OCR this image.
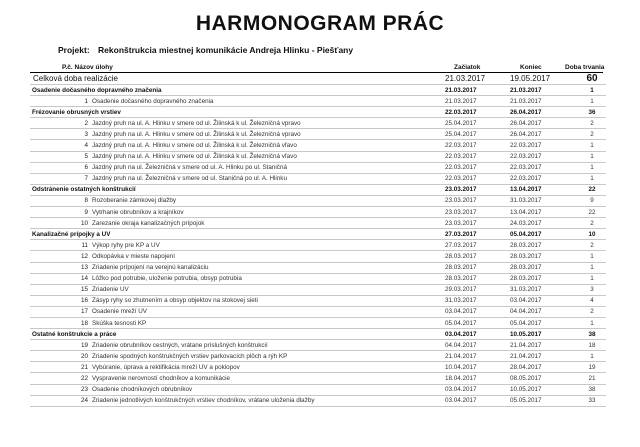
HARMONOGRAM PRÁC
Projekt: Rekonštrukcia miestnej komunikácie Andreja Hlinku - Piešťany
P.č. Názov úlohy	Začiatok	Koniec	Doba trvania
Celková doba realizácie	21.03.2017	19.05.2017	60
Osadenie dočasného dopravného značenia	21.03.2017	21.03.2017	1
1 Osadenie dočasného dopravného značenia	21.03.2017	21.03.2017	1
Frézovanie obrusných vrstiev	22.03.2017	26.04.2017	36
2 Jazdný pruh na ul. A. Hlinku v smere od ul. Žilinská k ul. Železničná vpravo	25.04.2017	26.04.2017	2
3 Jazdný pruh na ul. A. Hlinku v smere od ul. Žilinská k ul. Železničná vpravo	25.04.2017	26.04.2017	2
4 Jazdný pruh na ul. A. Hlinku v smere od ul. Žilinská k ul. Železničná vľavo	22.03.2017	22.03.2017	1
5 Jazdný pruh na ul. A. Hlinku v smere od ul. Žilinská k ul. Železničná vľavo	22.03.2017	22.03.2017	1
6 Jazdný pruh na ul. Železničná v smere od ul. A. Hlinku po ul. Staničná	22.03.2017	22.03.2017	1
7 Jazdný pruh na ul. Železničná v smere od ul. Staničná po ul. A. Hlinku	22.03.2017	22.03.2017	1
Odstránenie ostatných konštrukcií	23.03.2017	13.04.2017	22
8 Rozoberanie zámkovej dlažby	23.03.2017	31.03.2017	9
9 Vytrhanie obrubníkov a krajníkov	23.03.2017	13.04.2017	22
10 Zarezanie okraja kanalizačných prípojok	23.03.2017	24.03.2017	2
Kanalizačné prípojky a UV	27.03.2017	05.04.2017	10
11 Výkop ryhy pre KP a UV	27.03.2017	28.03.2017	2
12 Odkopávka v mieste napojení	28.03.2017	28.03.2017	1
13 Zriadenie prípojení na verejnú kanalizáciu	28.03.2017	28.03.2017	1
14 Lôžko pod potrubie, uloženie potrubia, obsyp potrubia	28.03.2017	28.03.2017	1
15 Zriadenie UV	29.03.2017	31.03.2017	3
16 Zásyp ryhy so zhutnením a obsyp objektov na stokovej sieti	31.03.2017	03.04.2017	4
17 Osadenie mreží UV	03.04.2017	04.04.2017	2
18 Skúška tesnosti KP	05.04.2017	05.04.2017	1
Ostatné konštrukcie a práce	03.04.2017	10.05.2017	38
19 Zriadenie obrubníkov cestných, vrátane príslušných konštrukcií	04.04.2017	21.04.2017	18
20 Zriadenie spodných konštrukčných vrstiev parkovacích plôch a rýh KP	21.04.2017	21.04.2017	1
21 Vybúranie, úprava a rektifikácia mreží UV a poklopov	10.04.2017	28.04.2017	19
22 Vyspravenie nerovností chodníkov a komunikácie	18.04.2017	08.05.2017	21
23 Osadenie chodníkových obrubníkov	03.04.2017	10.05.2017	38
24 Zriadenie jednotlivých konštrukčných vrstiev chodníkov, vrátane uloženia dlažby	03.04.2017	05.05.2017	33
